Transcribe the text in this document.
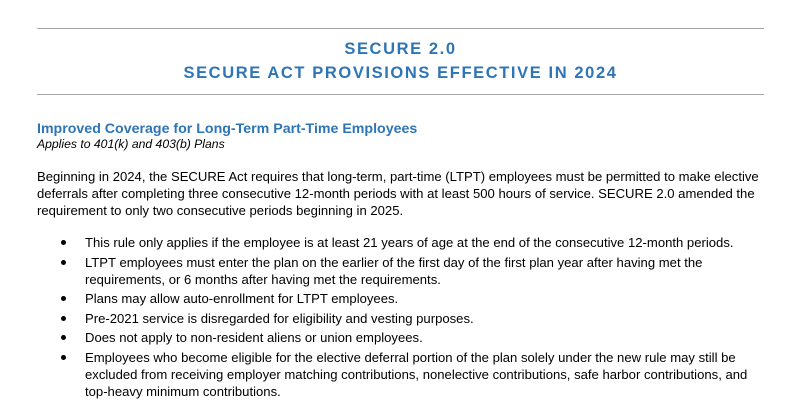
SECURE 2.0
SECURE ACT PROVISIONS EFFECTIVE IN 2024
Improved Coverage for Long-Term Part-Time Employees
Applies to 401(k) and 403(b) Plans

Beginning in 2024, the SECURE Act requires that long-term, part-time (LTPT) employees must be permitted to make elective deferrals after completing three consecutive 12-month periods with at least 500 hours of service. SECURE 2.0 amended the requirement to only two consecutive periods beginning in 2025.

This rule only applies if the employee is at least 21 years of age at the end of the consecutive 12-month periods.
LTPT employees must enter the plan on the earlier of the first day of the first plan year after having met the requirements, or 6 months after having met the requirements.
Plans may allow auto-enrollment for LTPT employees.
Pre-2021 service is disregarded for eligibility and vesting purposes.
Does not apply to non-resident aliens or union employees.
Employees who become eligible for the elective deferral portion of the plan solely under the new rule may still be excluded from receiving employer matching contributions, nonelective contributions, safe harbor contributions, and top-heavy minimum contributions.
